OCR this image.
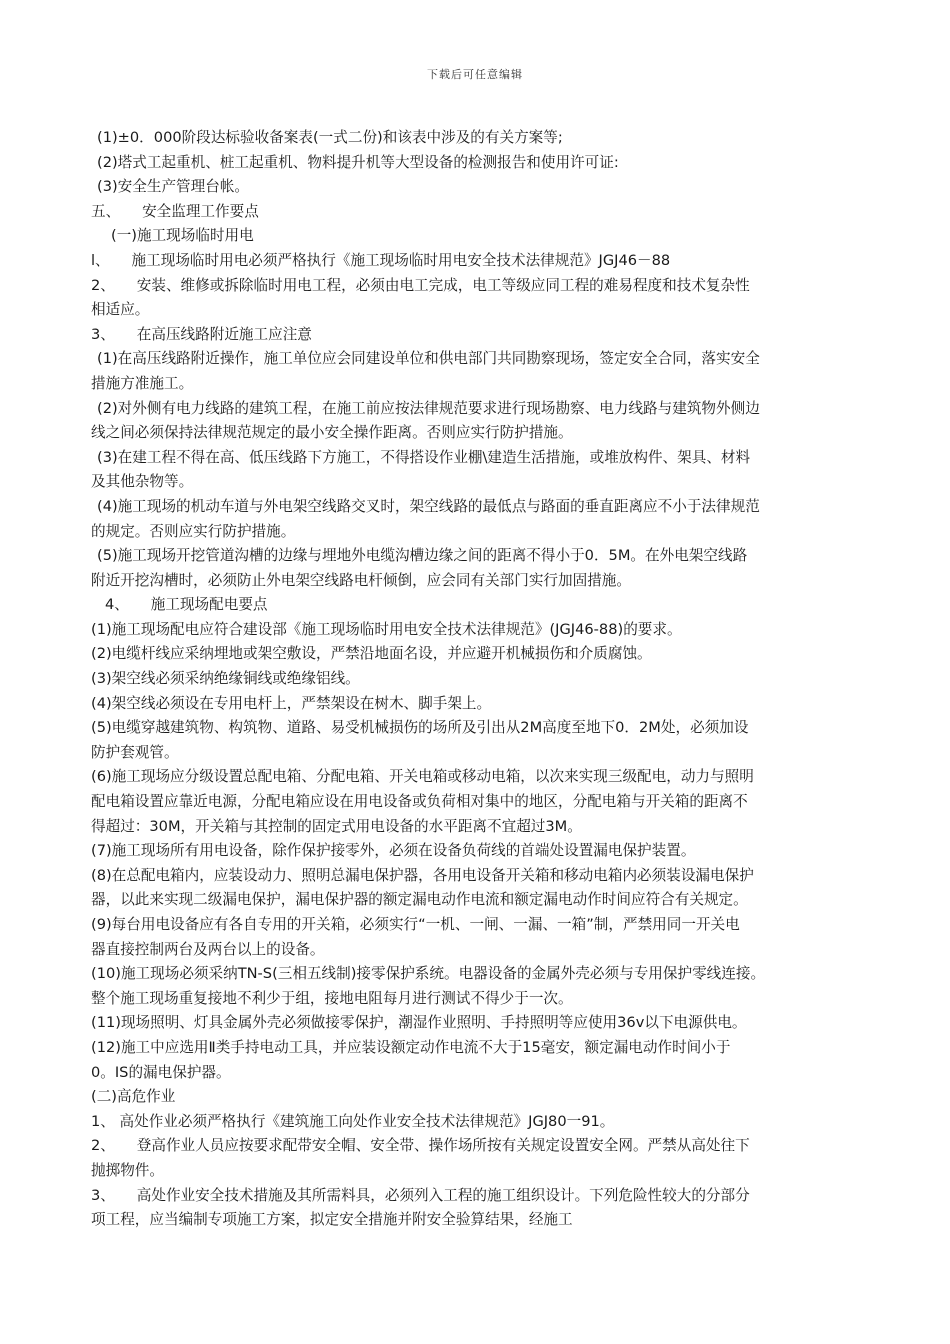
下载后可任意编辑
(1)±0．000阶段达标验收备案表(一式二份)和该表中涉及的有关方案等;
(2)塔式工起重机、桩工起重机、物料提升机等大型设备的检测报告和使用许可证:
(3)安全生产管理台帐。
五、　　安全监理工作要点
(一)施工现场临时用电
l、　　施工现场临时用电必须严格执行《施工现场临时用电安全技术法律规范》JGJ46－88
2、　　安装、维修或拆除临时用电工程，必须由电工完成，电工等级应同工程的难易程度和技术复杂性
相适应。
3、　　在高压线路附近施工应注意
(1)在高压线路附近操作，施工单位应会同建设单位和供电部门共同勘察现场，签定安全合同，落实安全
措施方准施工。
(2)对外侧有电力线路的建筑工程，在施工前应按法律规范要求进行现场勘察、电力线路与建筑物外侧边
线之间必须保持法律规范规定的最小安全操作距离。否则应实行防护措施。
(3)在建工程不得在高、低压线路下方施工，不得搭设作业棚\建造生活措施，或堆放构件、架具、材料
及其他杂物等。
(4)施工现场的机动车道与外电架空线路交叉时，架空线路的最低点与路面的垂直距离应不小于法律规范
的规定。否则应实行防护措施。
(5)施工现场开挖管道沟槽的边缘与埋地外电缆沟槽边缘之间的距离不得小于0．5M。在外电架空线路
附近开挖沟槽时，必须防止外电架空线路电杆倾倒，应会同有关部门实行加固措施。
4、　　施工现场配电要点
(1)施工现场配电应符合建设部《施工现场临时用电安全技术法律规范》(JGJ46-88)的要求。
(2)电缆杆线应采纳埋地或架空敷设，严禁沿地面名设，并应避开机械损伤和介质腐蚀。
(3)架空线必须采纳绝缘铜线或绝缘铝线。
(4)架空线必须设在专用电杆上，严禁架设在树木、脚手架上。
(5)电缆穿越建筑物、构筑物、道路、易受机械损伤的场所及引出从2M高度至地下0．2M处，必须加设
防护套观管。
(6)施工现场应分级设置总配电箱、分配电箱、开关电箱或移动电箱，以次来实现三级配电，动力与照明
配电箱设置应靠近电源，分配电箱应设在用电设备或负荷相对集中的地区，分配电箱与开关箱的距离不
得超过：30M，开关箱与其控制的固定式用电设备的水平距离不宜超过3M。
(7)施工现场所有用电设备，除作保护接零外，必须在设备负荷线的首端处设置漏电保护装置。
(8)在总配电箱内，应装设动力、照明总漏电保护器，各用电设备开关箱和移动电箱内必须装设漏电保护
器，以此来实现二级漏电保护，漏电保护器的额定漏电动作电流和额定漏电动作时间应符合有关规定。
(9)每台用电设备应有各自专用的开关箱，必须实行“一机、一闸、一漏、一箱”制，严禁用同一开关电
器直接控制两台及两台以上的设备。
(10)施工现场必须采纳TN-S(三相五线制)接零保护系统。电器设备的金属外壳必须与专用保护零线连接。
整个施工现场重复接地不利少于组，接地电阻每月进行测试不得少于一次。
(11)现场照明、灯具金属外壳必须做接零保护，潮湿作业照明、手持照明等应使用36v以下电源供电。
(12)施工中应选用Ⅱ类手持电动工具，并应装设额定动作电流不大于15毫安，额定漏电动作时间小于
0。IS的漏电保护器。
(二)高危作业
1、 高处作业必须严格执行《建筑施工向处作业安全技术法律规范》JGJ80一91。
2、　　登高作业人员应按要求配带安全帽、安全带、操作场所按有关规定设置安全网。严禁从高处往下
抛掷物件。
3、　　高处作业安全技术措施及其所需料具，必须列入工程的施工组织设计。下列危险性较大的分部分
项工程，应当编制专项施工方案，拟定安全措施并附安全验算结果，经施工
